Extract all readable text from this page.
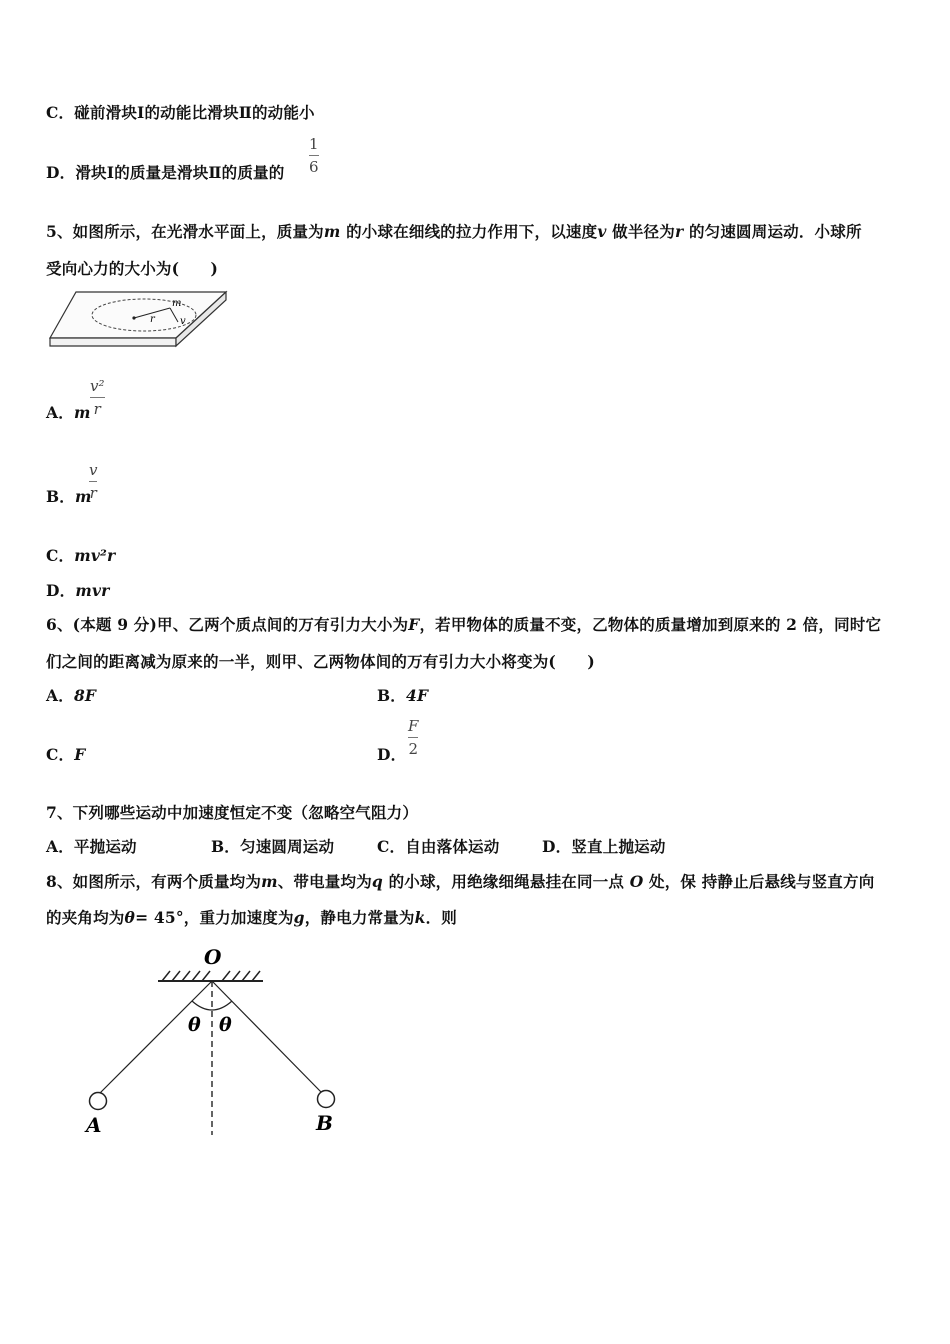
C．碰前滑块Ⅰ的动能比滑块Ⅱ的动能小
D．滑块Ⅰ的质量是滑块Ⅱ的质量的
1
6
5、如图所示，在光滑水平面上，质量为m 的小球在细线的拉力作用下，以速度v 做半径为r 的匀速圆周运动．小球所
受向心力的大小为(　　)
m
r	v
A．m
v²
r
B．m
v
r
C．mv²r
D．mvr
6、(本题 9 分)甲、乙两个质点间的万有引力大小为F，若甲物体的质量不变，乙物体的质量增加到原来的 2 倍，同时它
们之间的距离减为原来的一半，则甲、乙两物体间的万有引力大小将变为(　　)
A．8F	B．4F
C．F	D．
F
2
7、下列哪些运动中加速度恒定不变（忽略空气阻力）
A．平抛运动	B．匀速圆周运动	C．自由落体运动	D．竖直上抛运动
8、如图所示，有两个质量均为m、带电量均为q 的小球，用绝缘细绳悬挂在同一点 O 处，保 持静止后悬线与竖直方向
的夹角均为θ= 45°，重力加速度为g，静电力常量为k．则
O
θ θ
A	B
